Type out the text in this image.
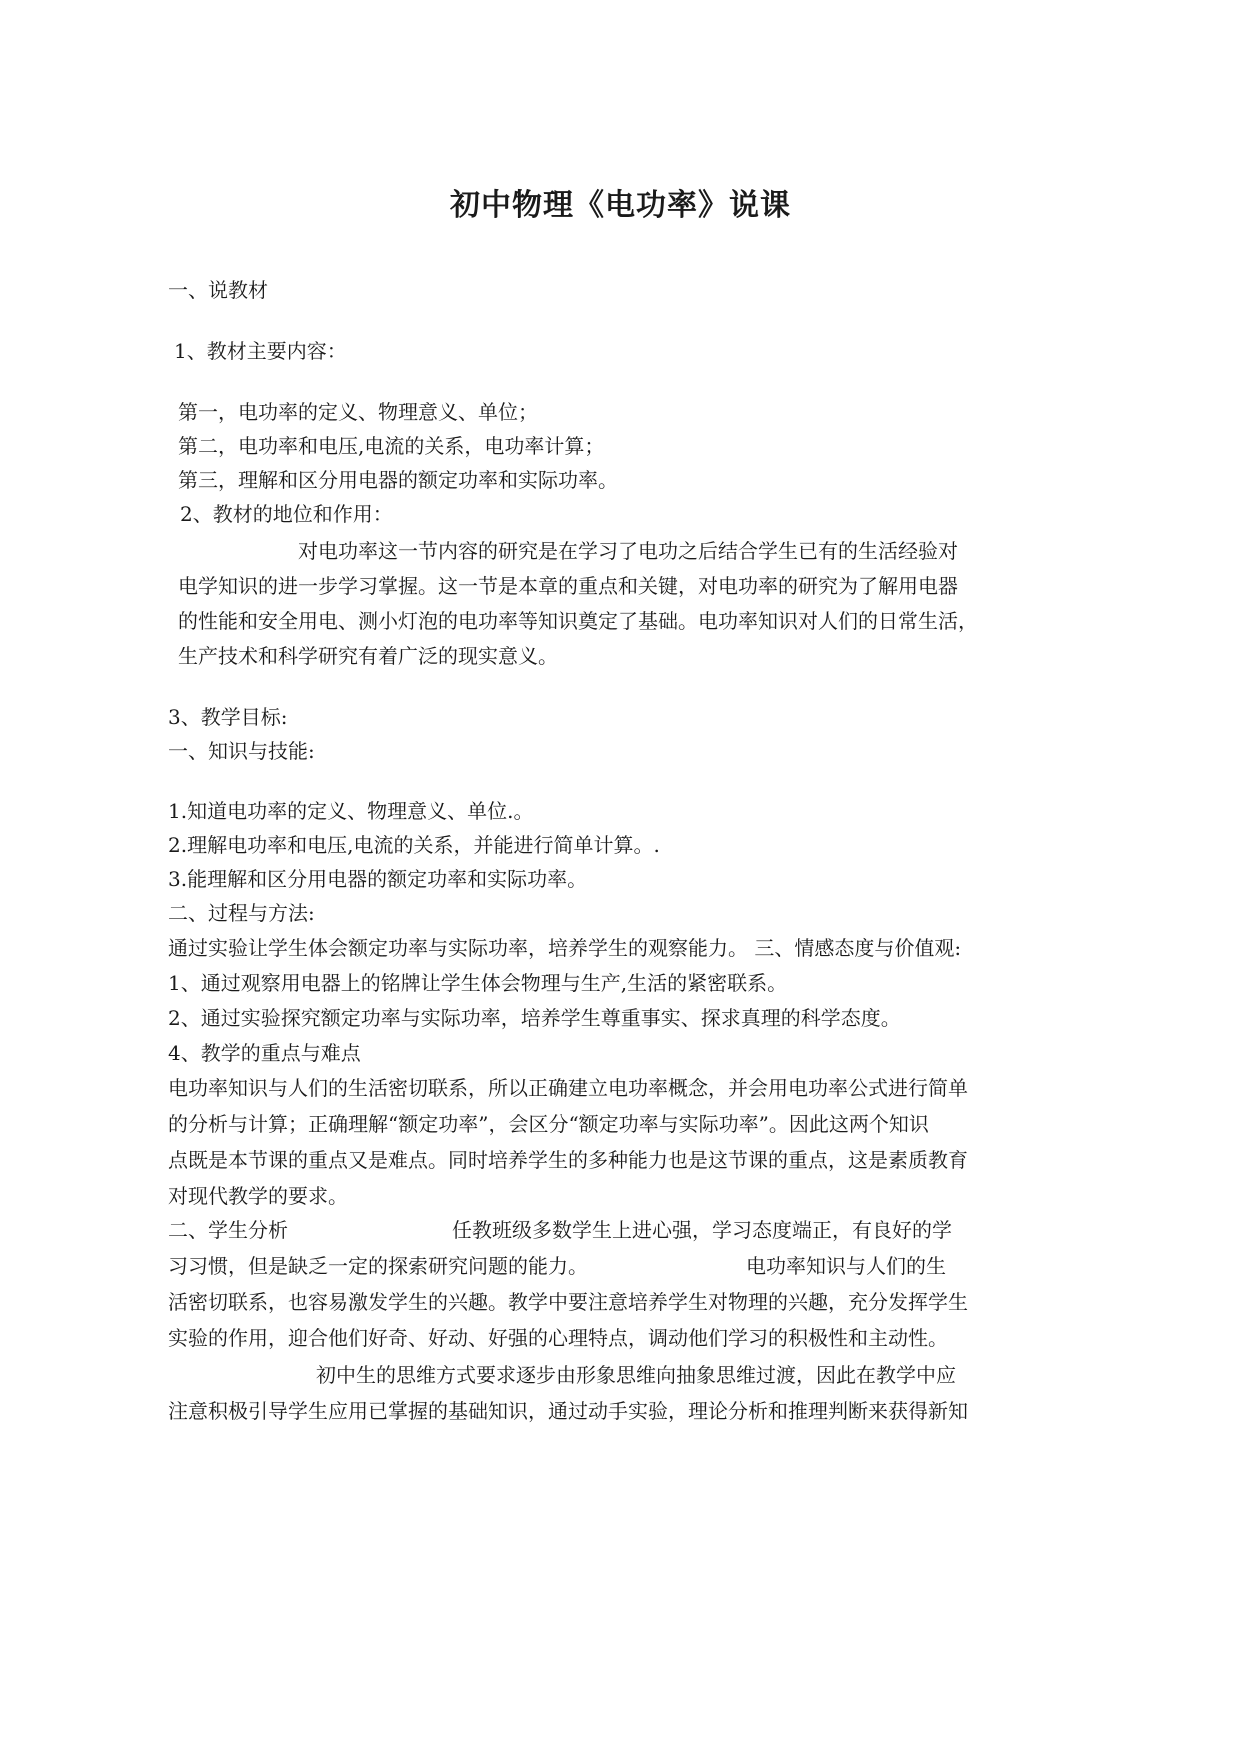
初中物理《电功率》说课
一、说教材
1、教材主要内容：
第一，电功率的定义、物理意义、单位；
第二，电功率和电压,电流的关系，电功率计算；
第三，理解和区分用电器的额定功率和实际功率。
2、教材的地位和作用：
对电功率这一节内容的研究是在学习了电功之后结合学生已有的生活经验对
电学知识的进一步学习掌握。这一节是本章的重点和关键，对电功率的研究为了解用电器
的性能和安全用电、测小灯泡的电功率等知识奠定了基础。电功率知识对人们的日常生活，
生产技术和科学研究有着广泛的现实意义。
3、教学目标:
一、知识与技能:
1.知道电功率的定义、物理意义、单位.。
2.理解电功率和电压,电流的关系，并能进行简单计算。.
3.能理解和区分用电器的额定功率和实际功率。
二、过程与方法:
通过实验让学生体会额定功率与实际功率，培养学生的观察能力。 三、情感态度与价值观:
1、通过观察用电器上的铭牌让学生体会物理与生产,生活的紧密联系。
2、通过实验探究额定功率与实际功率，培养学生尊重事实、探求真理的科学态度。
4、教学的重点与难点
电功率知识与人们的生活密切联系，所以正确建立电功率概念，并会用电功率公式进行简单
的分析与计算；正确理解“额定功率”，会区分“额定功率与实际功率”。因此这两个知识
点既是本节课的重点又是难点。同时培养学生的多种能力也是这节课的重点，这是素质教育
对现代教学的要求。
二、学生分析	任教班级多数学生上进心强，学习态度端正，有良好的学
习习惯，但是缺乏一定的探索研究问题的能力。	电功率知识与人们的生
活密切联系，也容易激发学生的兴趣。教学中要注意培养学生对物理的兴趣，充分发挥学生
实验的作用，迎合他们好奇、好动、好强的心理特点，调动他们学习的积极性和主动性。
初中生的思维方式要求逐步由形象思维向抽象思维过渡，因此在教学中应
注意积极引导学生应用已掌握的基础知识，通过动手实验，理论分析和推理判断来获得新知
